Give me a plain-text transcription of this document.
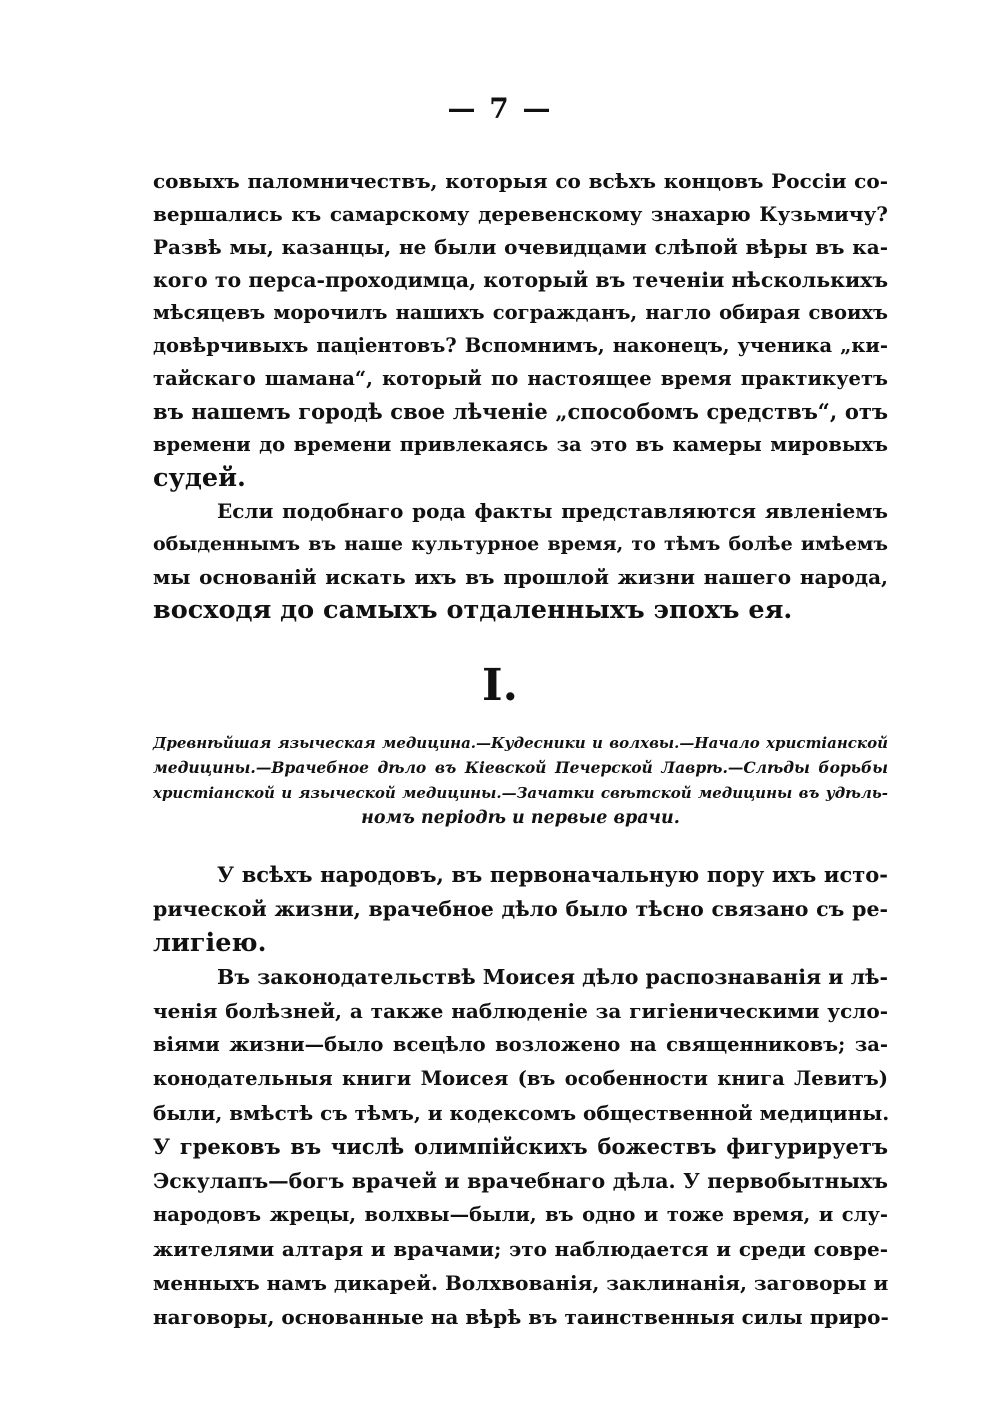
— 7 —
совыхъ паломничествъ, которыя со всѣхъ концовъ Россіи со-
вершались къ самарскому деревенскому знахарю Кузьмичу?
Развѣ мы, казанцы, не были очевидцами слѣпой вѣры въ ка-
кого то перса-проходимца, который въ теченіи нѣсколькихъ
мѣсяцевъ морочилъ нашихъ согражданъ, нагло обирая своихъ
довѣрчивыхъ паціентовъ? Вспомнимъ, наконецъ, ученика „ки-
тайскаго шамана“, который по настоящее время практикуетъ
въ нашемъ городѣ свое лѣченіе „способомъ средствъ“, отъ
времени до времени привлекаясь за это въ камеры мировыхъ
судей.
Если подобнаго рода факты представляются явленіемъ
обыденнымъ въ наше культурное время, то тѣмъ болѣе имѣемъ
мы основаній искать ихъ въ прошлой жизни нашего народа,
восходя до самыхъ отдаленныхъ эпохъ ея.
I.
Древнѣйшая языческая медицина.—Кудесники и волхвы.—Начало христіанской
медицины.—Врачебное дѣло въ Кіевской Печерской Лаврѣ.—Слѣды борьбы
христіанской и языческой медицины.—Зачатки свѣтской медицины въ удѣль-
номъ періодѣ и первые врачи.
У всѣхъ народовъ, въ первоначальную пору ихъ исто-
рической жизни, врачебное дѣло было тѣсно связано съ ре-
лигіею.
Въ законодательствѣ Моисея дѣло распознаванія и лѣ-
ченія болѣзней, а также наблюденіе за гигіеническими усло-
віями жизни—было всецѣло возложено на священниковъ; за-
конодательныя книги Моисея (въ особенности книга Левитъ)
были, вмѣстѣ съ тѣмъ, и кодексомъ общественной медицины.
У грековъ въ числѣ олимпійскихъ божествъ фигурируетъ
Эскулапъ—богъ врачей и врачебнаго дѣла. У первобытныхъ
народовъ жрецы, волхвы—были, въ одно и тоже время, и слу-
жителями алтаря и врачами; это наблюдается и среди совре-
менныхъ намъ дикарей. Волхвованія, заклинанія, заговоры и
наговоры, основанные на вѣрѣ въ таинственныя силы приро-
